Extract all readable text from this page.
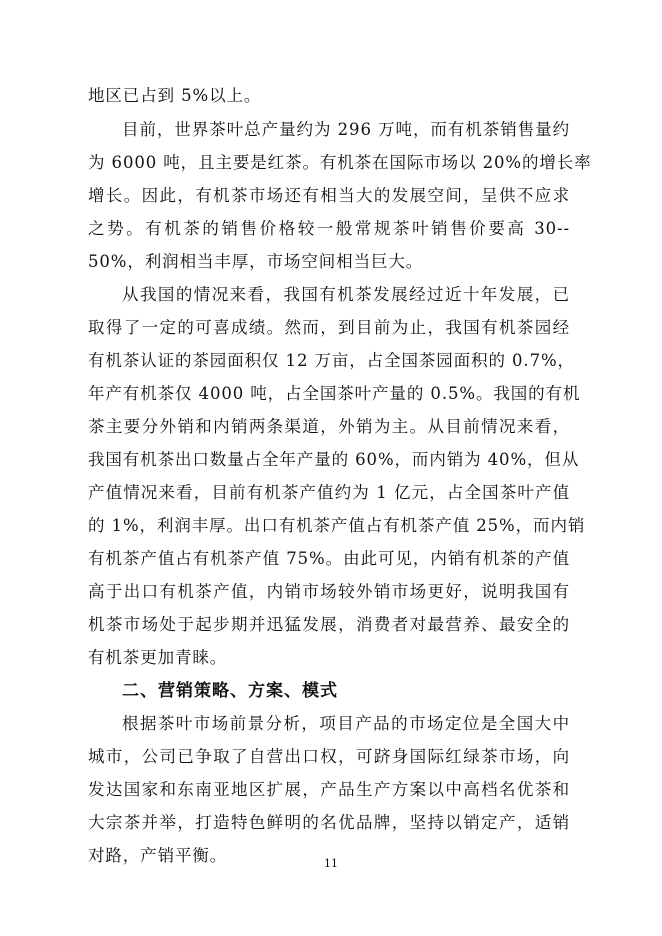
地区已占到 5%以上。
目前，世界茶叶总产量约为 296 万吨，而有机茶销售量约
为 6000 吨，且主要是红茶。有机茶在国际市场以 20%的增长率
增长。因此，有机茶市场还有相当大的发展空间，呈供不应求
之势。有机茶的销售价格较一般常规茶叶销售价要高 30--
50%，利润相当丰厚，市场空间相当巨大。
从我国的情况来看，我国有机茶发展经过近十年发展，已
取得了一定的可喜成绩。然而，到目前为止，我国有机茶园经
有机茶认证的茶园面积仅 12 万亩，占全国茶园面积的 0.7%，
年产有机茶仅 4000 吨，占全国茶叶产量的 0.5%。我国的有机
茶主要分外销和内销两条渠道，外销为主。从目前情况来看，
我国有机茶出口数量占全年产量的 60%，而内销为 40%，但从
产值情况来看，目前有机茶产值约为 1 亿元，占全国茶叶产值
的 1%，利润丰厚。出口有机茶产值占有机茶产值 25%，而内销
有机茶产值占有机茶产值 75%。由此可见，内销有机茶的产值
高于出口有机茶产值，内销市场较外销市场更好，说明我国有
机茶市场处于起步期并迅猛发展，消费者对最营养、最安全的
有机茶更加青睐。
二、营销策略、方案、模式
根据茶叶市场前景分析，项目产品的市场定位是全国大中
城市，公司已争取了自营出口权，可跻身国际红绿茶市场，向
发达国家和东南亚地区扩展，产品生产方案以中高档名优茶和
大宗茶并举，打造特色鲜明的名优品牌，坚持以销定产，适销
对路，产销平衡。	11
